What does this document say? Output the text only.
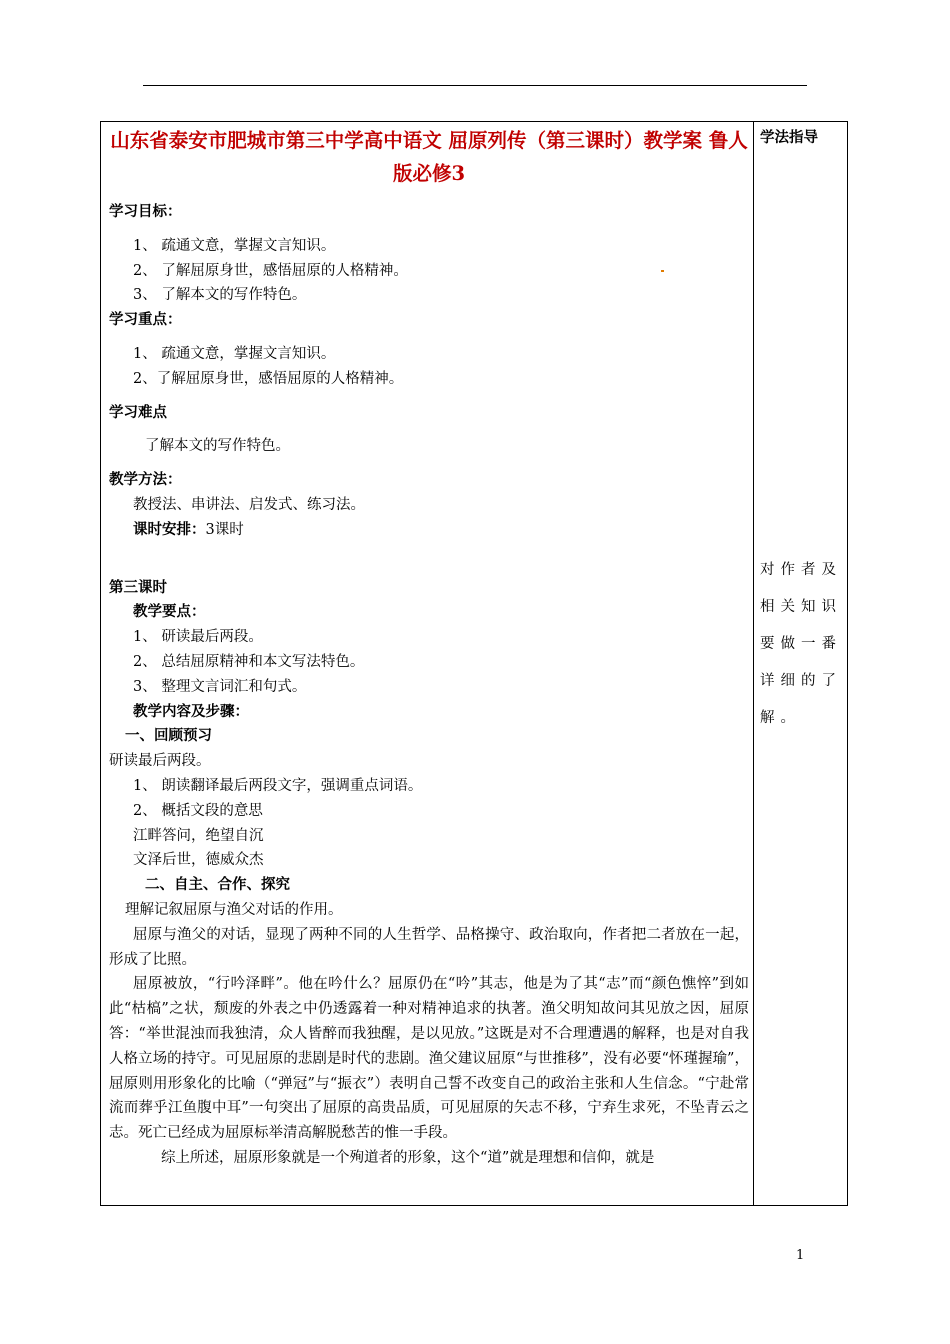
山东省泰安市肥城市第三中学高中语文 屈原列传（第三课时）教学案 鲁人版必修3
学习目标：
1、 疏通文意，掌握文言知识。
2、 了解屈原身世，感悟屈原的人格精神。
3、 了解本文的写作特色。
学习重点：
1、 疏通文意，掌握文言知识。
2、了解屈原身世，感悟屈原的人格精神。
学习难点
了解本文的写作特色。
教学方法：
教授法、串讲法、启发式、练习法。
课时安排：3课时
第三课时
教学要点：
1、 研读最后两段。
2、 总结屈原精神和本文写法特色。
3、 整理文言词汇和句式。
教学内容及步骤：
一、回顾预习
研读最后两段。
1、 朗读翻译最后两段文字，强调重点词语。
2、 概括文段的意思
江畔答问，绝望自沉
文泽后世，德威众杰
二、自主、合作、探究
理解记叙屈原与渔父对话的作用。
屈原与渔父的对话，显现了两种不同的人生哲学、品格操守、政治取向，作者把二者放在一起，形成了比照。
屈原被放，“行吟泽畔”。他在吟什么？屈原仍在“吟”其志，他是为了其“志”而“颜色憔悴”到如此“枯槁”之状，颓废的外表之中仍透露着一种对精神追求的执著。渔父明知故问其见放之因，屈原答：“举世混浊而我独清，众人皆醉而我独醒，是以见放。”这既是对不合理遭遇的解释，也是对自我人格立场的持守。可见屈原的悲剧是时代的悲剧。渔父建议屈原“与世推移”，没有必要“怀瑾握瑜”，屈原则用形象化的比喻（“弹冠”与“振衣”）表明自己誓不改变自己的政治主张和人生信念。“宁赴常流而葬乎江鱼腹中耳”一句突出了屈原的高贵品质，可见屈原的矢志不移，宁弃生求死，不坠青云之志。死亡已经成为屈原标举清高解脱愁苦的惟一手段。
综上所述，屈原形象就是一个殉道者的形象，这个“道”就是理想和信仰，就是
学法指导
对作者及相关知识要做一番详细的了解。
1
